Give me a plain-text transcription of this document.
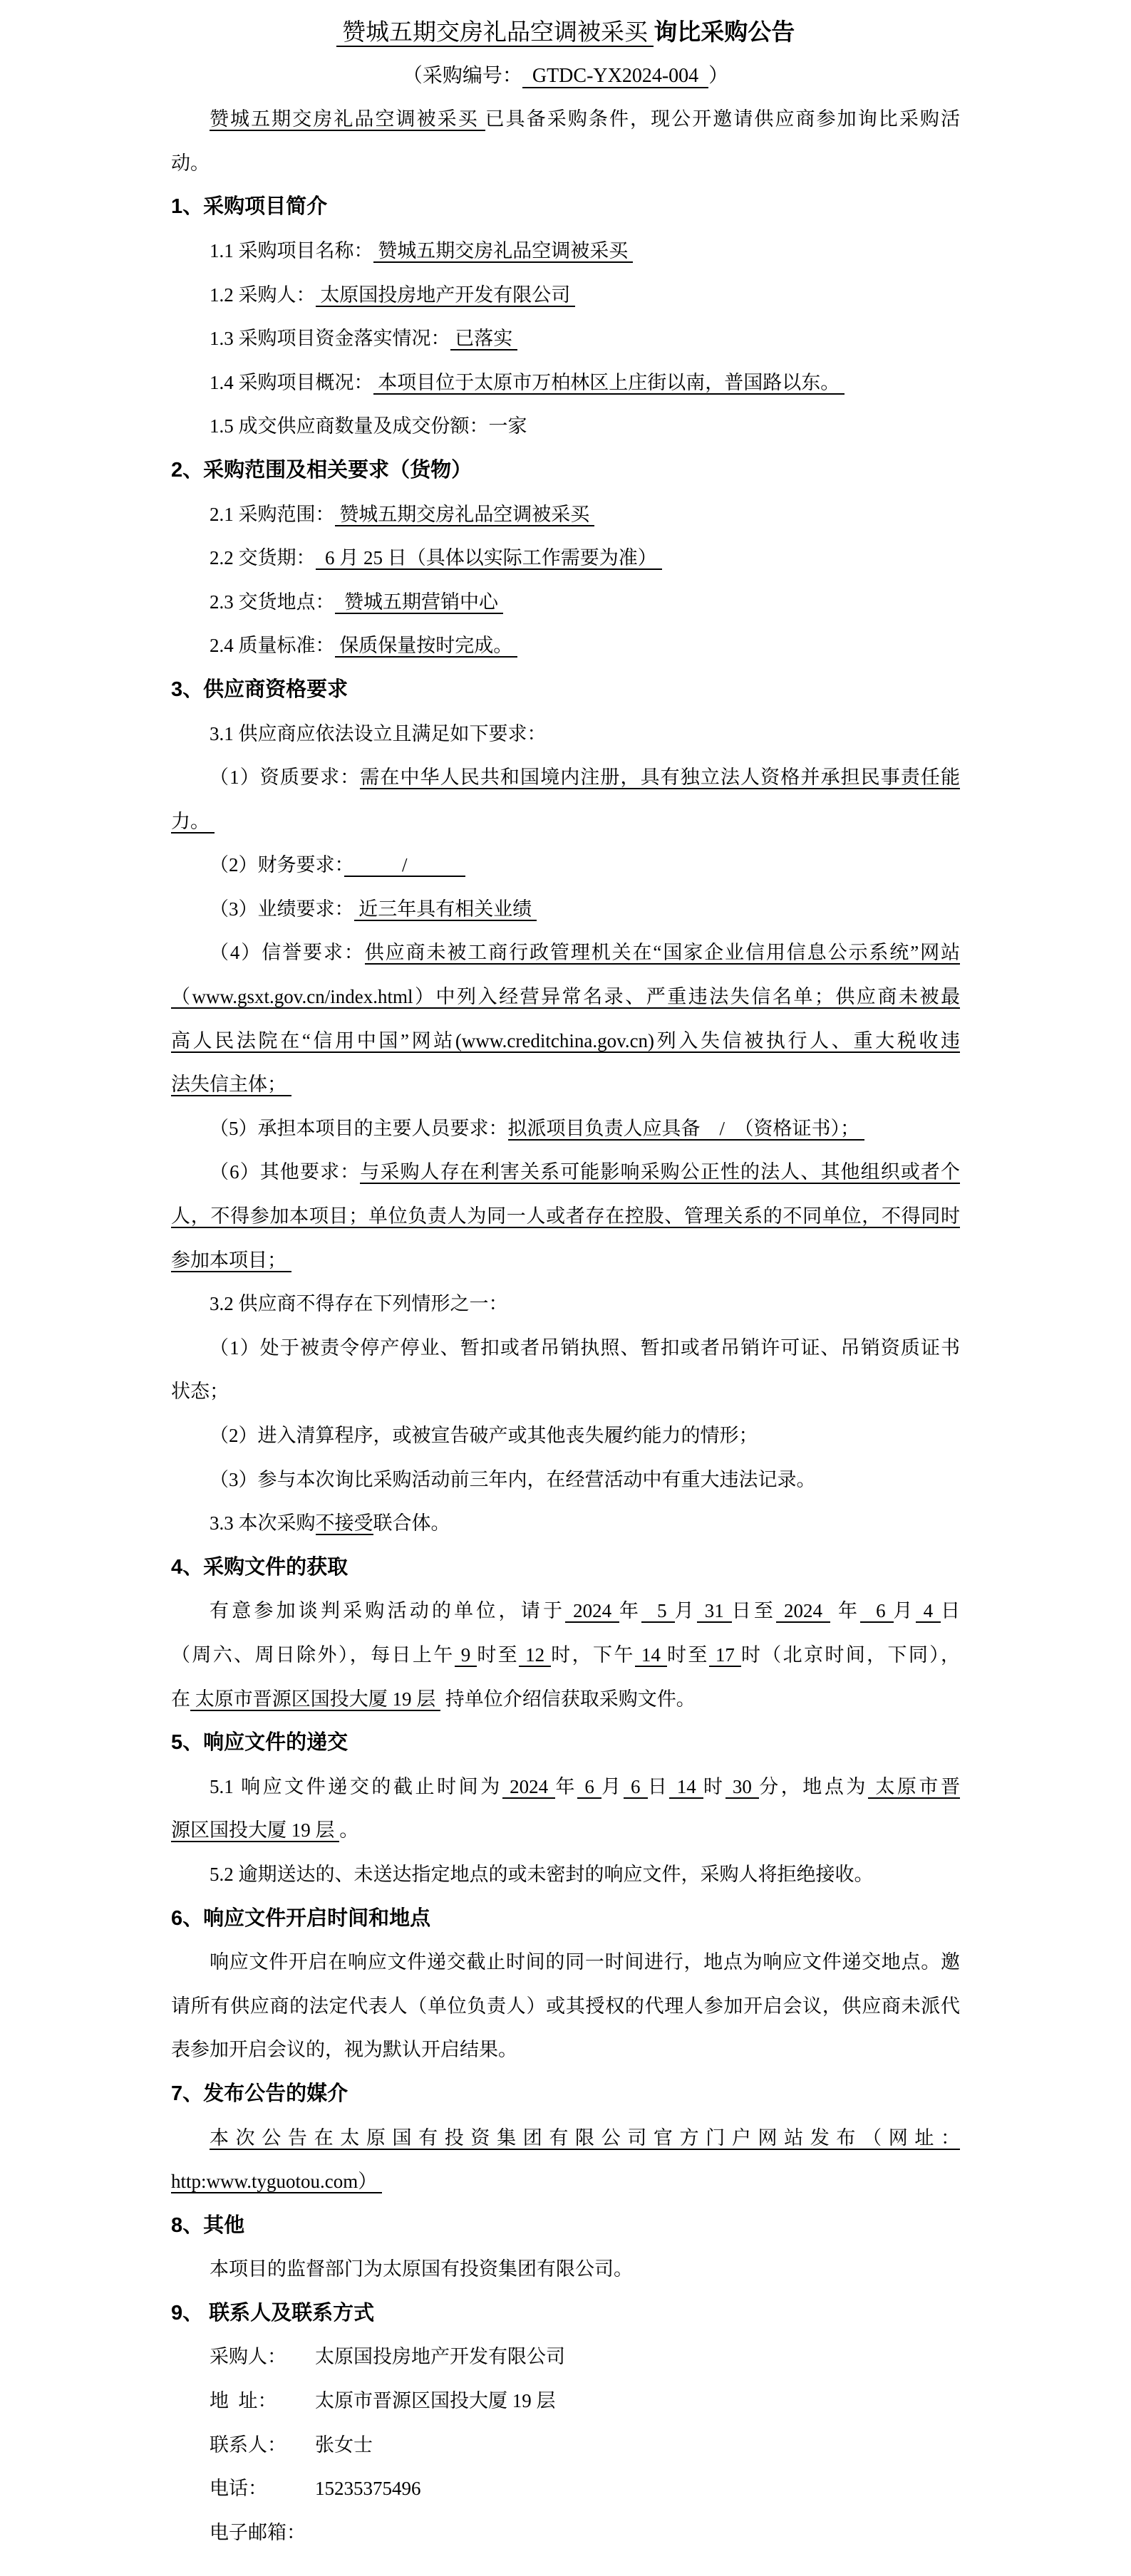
赞城五期交房礼品空调被采买 询比采购公告
（采购编号：  GTDC-YX2024-004  ）
赞城五期交房礼品空调被采买 已具备采购条件，现公开邀请供应商参加询比采购活
动。
1、采购项目简介
1.1 采购项目名称： 赞城五期交房礼品空调被采买
1.2 采购人： 太原国投房地产开发有限公司
1.3 采购项目资金落实情况： 已落实
1.4 采购项目概况： 本项目位于太原市万柏林区上庄街以南，普国路以东。
1.5 成交供应商数量及成交份额：一家
2、采购范围及相关要求（货物）
2.1 采购范围： 赞城五期交房礼品空调被采买
2.2 交货期：  6 月 25 日（具体以实际工作需要为准）
2.3 交货地点：  赞城五期营销中心
2.4 质量标准： 保质保量按时完成。
3、供应商资格要求
3.1 供应商应依法设立且满足如下要求：
（1）资质要求：需在中华人民共和国境内注册，具有独立法人资格并承担民事责任能
力。
（2）财务要求：　　　/　　　
（3）业绩要求： 近三年具有相关业绩
（4）信誉要求：供应商未被工商行政管理机关在“国家企业信用信息公示系统”网站
（www.gsxt.gov.cn/index.html）中列入经营异常名录、严重违法失信名单；供应商未被最
高人民法院在“信用中国”网站(www.creditchina.gov.cn)列入失信被执行人、重大税收违
法失信主体；
（5）承担本项目的主要人员要求：拟派项目负责人应具备　/　（资格证书）；
（6）其他要求：与采购人存在利害关系可能影响采购公正性的法人、其他组织或者个
人，不得参加本项目；单位负责人为同一人或者存在控股、管理关系的不同单位，不得同时
参加本项目；
3.2 供应商不得存在下列情形之一：
（1）处于被责令停产停业、暂扣或者吊销执照、暂扣或者吊销许可证、吊销资质证书
状态；
（2）进入清算程序，或被宣告破产或其他丧失履约能力的情形；
（3）参与本次询比采购活动前三年内，在经营活动中有重大违法记录。
3.3 本次采购不接受联合体。
4、采购文件的获取
有意参加谈判采购活动的单位，请于 2024 年  5 月 31 日至 2024  年  6 月 4 日
（周六、周日除外），每日上午 9 时至 12 时，下午 14 时至 17 时（北京时间，下同），
在 太原市晋源区国投大厦 19 层  持单位介绍信获取采购文件。
5、响应文件的递交
5.1 响应文件递交的截止时间为 2024 年 6 月 6 日 14 时 30 分，地点为 太原市晋
源区国投大厦 19 层 。
5.2 逾期送达的、未送达指定地点的或未密封的响应文件，采购人将拒绝接收。
6、响应文件开启时间和地点
响应文件开启在响应文件递交截止时间的同一时间进行，地点为响应文件递交地点。邀
请所有供应商的法定代表人（单位负责人）或其授权的代理人参加开启会议，供应商未派代
表参加开启会议的，视为默认开启结果。
7、发布公告的媒介
本次公告在太原国有投资集团有限公司官方门户网站发布（网址：
http:www.tyguotou.com）
8、其他
本项目的监督部门为太原国有投资集团有限公司。
9、 联系人及联系方式
采购人： 太原国投房地产开发有限公司
地  址： 太原市晋源区国投大厦 19 层
联系人： 张女士
电话： 15235375496
电子邮箱：
